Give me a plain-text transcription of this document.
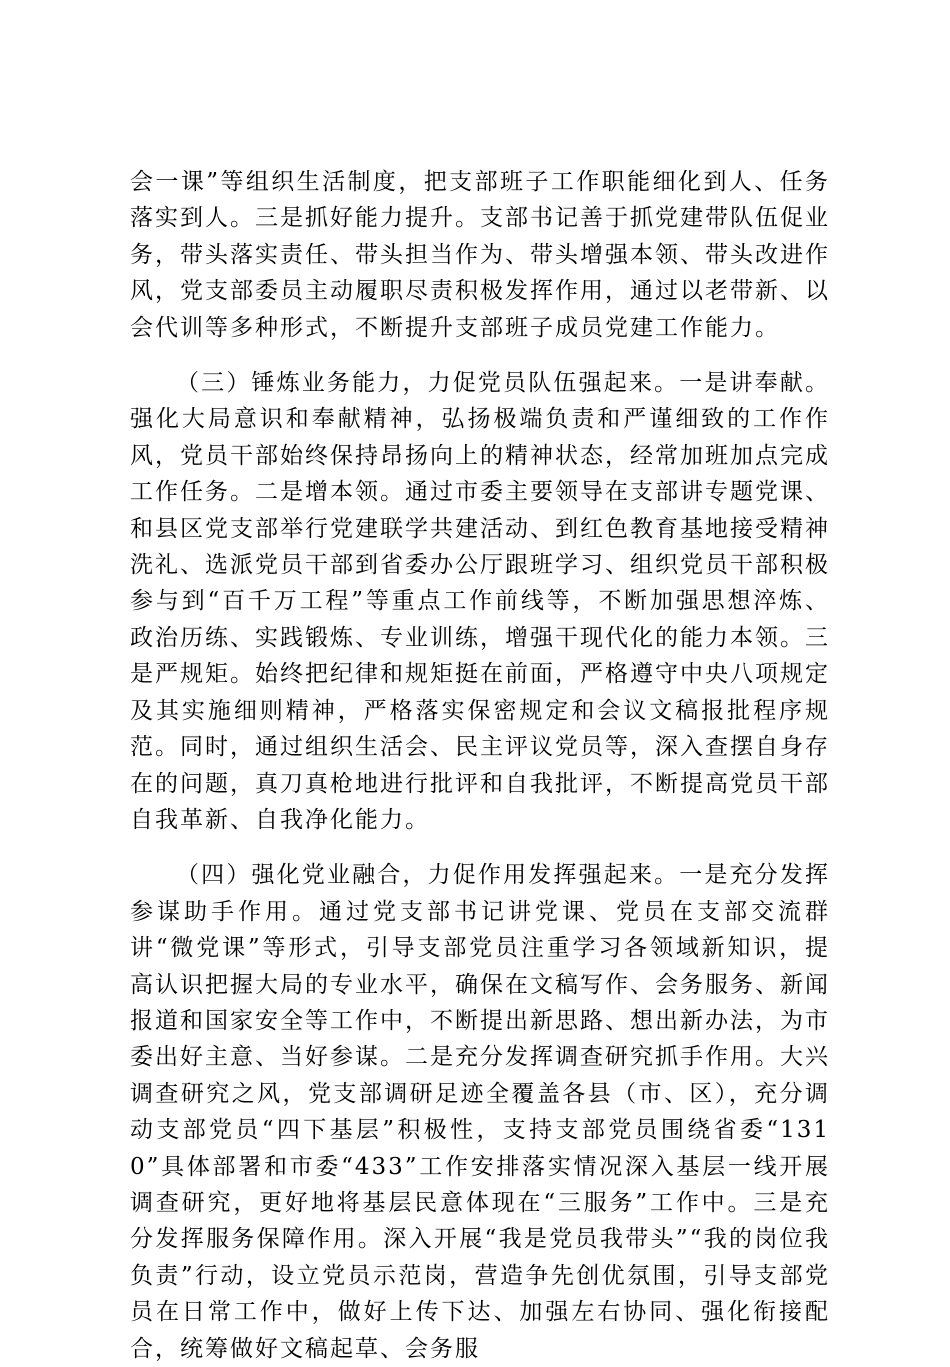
会一课”等组织生活制度，把支部班子工作职能细化到人、任务落实到人。三是抓好能力提升。支部书记善于抓党建带队伍促业务，带头落实责任、带头担当作为、带头增强本领、带头改进作风，党支部委员主动履职尽责积极发挥作用，通过以老带新、以会代训等多种形式，不断提升支部班子成员党建工作能力。

（三）锤炼业务能力，力促党员队伍强起来。一是讲奉献。强化大局意识和奉献精神，弘扬极端负责和严谨细致的工作作风，党员干部始终保持昂扬向上的精神状态，经常加班加点完成工作任务。二是增本领。通过市委主要领导在支部讲专题党课、和县区党支部举行党建联学共建活动、到红色教育基地接受精神洗礼、选派党员干部到省委办公厅跟班学习、组织党员干部积极参与到“百千万工程”等重点工作前线等，不断加强思想淬炼、政治历练、实践锻炼、专业训练，增强干现代化的能力本领。三是严规矩。始终把纪律和规矩挺在前面，严格遵守中央八项规定及其实施细则精神，严格落实保密规定和会议文稿报批程序规范。同时，通过组织生活会、民主评议党员等，深入查摆自身存在的问题，真刀真枪地进行批评和自我批评，不断提高党员干部自我革新、自我净化能力。

（四）强化党业融合，力促作用发挥强起来。一是充分发挥参谋助手作用。通过党支部书记讲党课、党员在支部交流群讲“微党课”等形式，引导支部党员注重学习各领域新知识，提高认识把握大局的专业水平，确保在文稿写作、会务服务、新闻报道和国家安全等工作中，不断提出新思路、想出新办法，为市委出好主意、当好参谋。二是充分发挥调查研究抓手作用。大兴调查研究之风，党支部调研足迹全覆盖各县（市、区），充分调动支部党员“四下基层”积极性，支持支部党员围绕省委“1310”具体部署和市委“433”工作安排落实情况深入基层一线开展调查研究，更好地将基层民意体现在“三服务”工作中。三是充分发挥服务保障作用。深入开展“我是党员我带头”“我的岗位我负责”行动，设立党员示范岗，营造争先创优氛围，引导支部党员在日常工作中，做好上传下达、加强左右协同、强化衔接配合，统筹做好文稿起草、会务服
